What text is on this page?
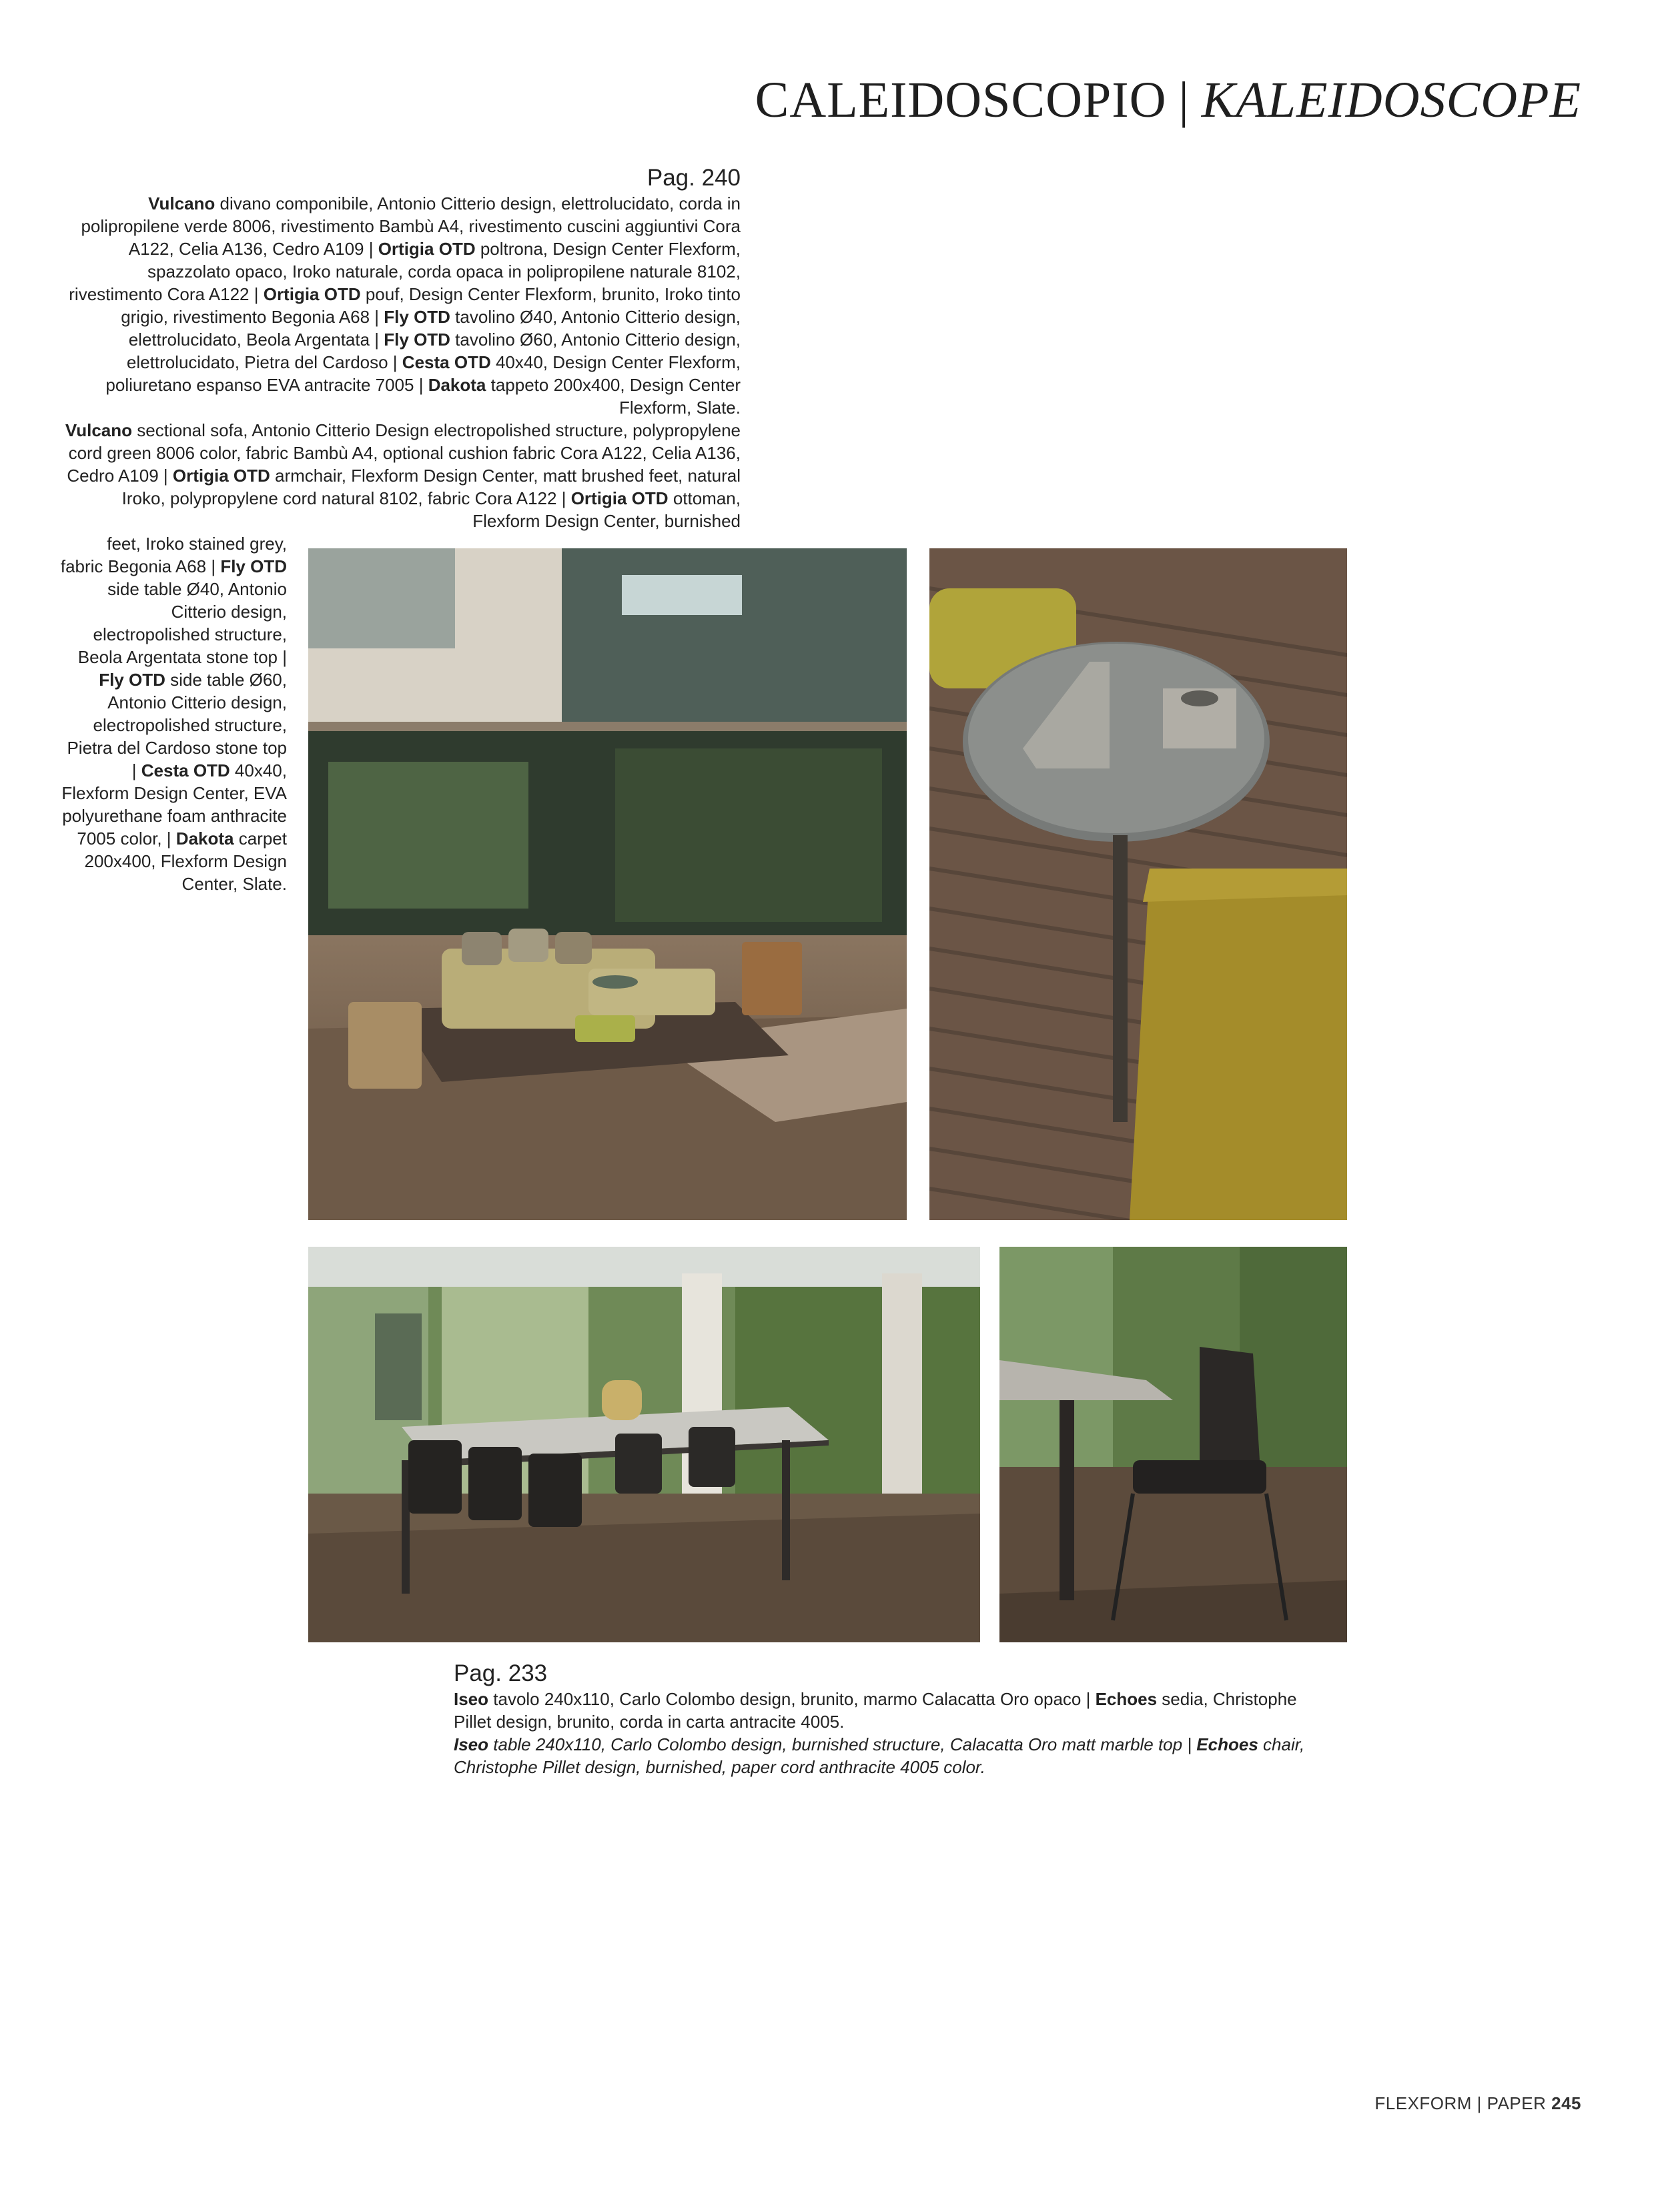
CALEIDOSCOPIO | KALEIDOSCOPE
Pag. 240
Vulcano divano componibile, Antonio Citterio design, elettrolucidato, corda in polipropilene verde 8006, rivestimento Bambù A4, rivestimento cuscini aggiuntivi Cora A122, Celia A136, Cedro A109 | Ortigia OTD poltrona, Design Center Flexform, spazzolato opaco, Iroko naturale, corda opaca in polipropilene naturale 8102, rivestimento Cora A122 | Ortigia OTD pouf, Design Center Flexform, brunito, Iroko tinto grigio, rivestimento Begonia A68 | Fly OTD tavolino Ø40, Antonio Citterio design, elettrolucidato, Beola Argentata | Fly OTD tavolino Ø60, Antonio Citterio design, elettrolucidato, Pietra del Cardoso | Cesta OTD 40x40, Design Center Flexform, poliuretano espanso EVA antracite 7005 | Dakota tappeto 200x400, Design Center Flexform, Slate.
Vulcano sectional sofa, Antonio Citterio Design electropolished structure, polypropylene cord green 8006 color, fabric Bambù A4, optional cushion fabric Cora A122, Celia A136, Cedro A109 | Ortigia OTD armchair, Flexform Design Center, matt brushed feet, natural Iroko, polypropylene cord natural 8102, fabric Cora A122 | Ortigia OTD ottoman, Flexform Design Center, burnished
feet, Iroko stained grey, fabric Begonia A68 | Fly OTD side table Ø40, Antonio Citterio design, electropolished structure, Beola Argentata stone top | Fly OTD side table Ø60, Antonio Citterio design, electropolished structure, Pietra del Cardoso stone top | Cesta OTD 40x40, Flexform Design Center, EVA polyurethane foam anthracite 7005 color, | Dakota carpet 200x400, Flexform Design Center, Slate.
Pag. 233
Iseo tavolo 240x110, Carlo Colombo design, brunito, marmo Calacatta Oro opaco | Echoes sedia, Christophe Pillet design, brunito, corda in carta antracite 4005.
Iseo table 240x110, Carlo Colombo design, burnished structure, Calacatta Oro matt marble top | Echoes chair, Christophe Pillet design, burnished, paper cord anthracite 4005 color.
FLEXFORM | PAPER 245
